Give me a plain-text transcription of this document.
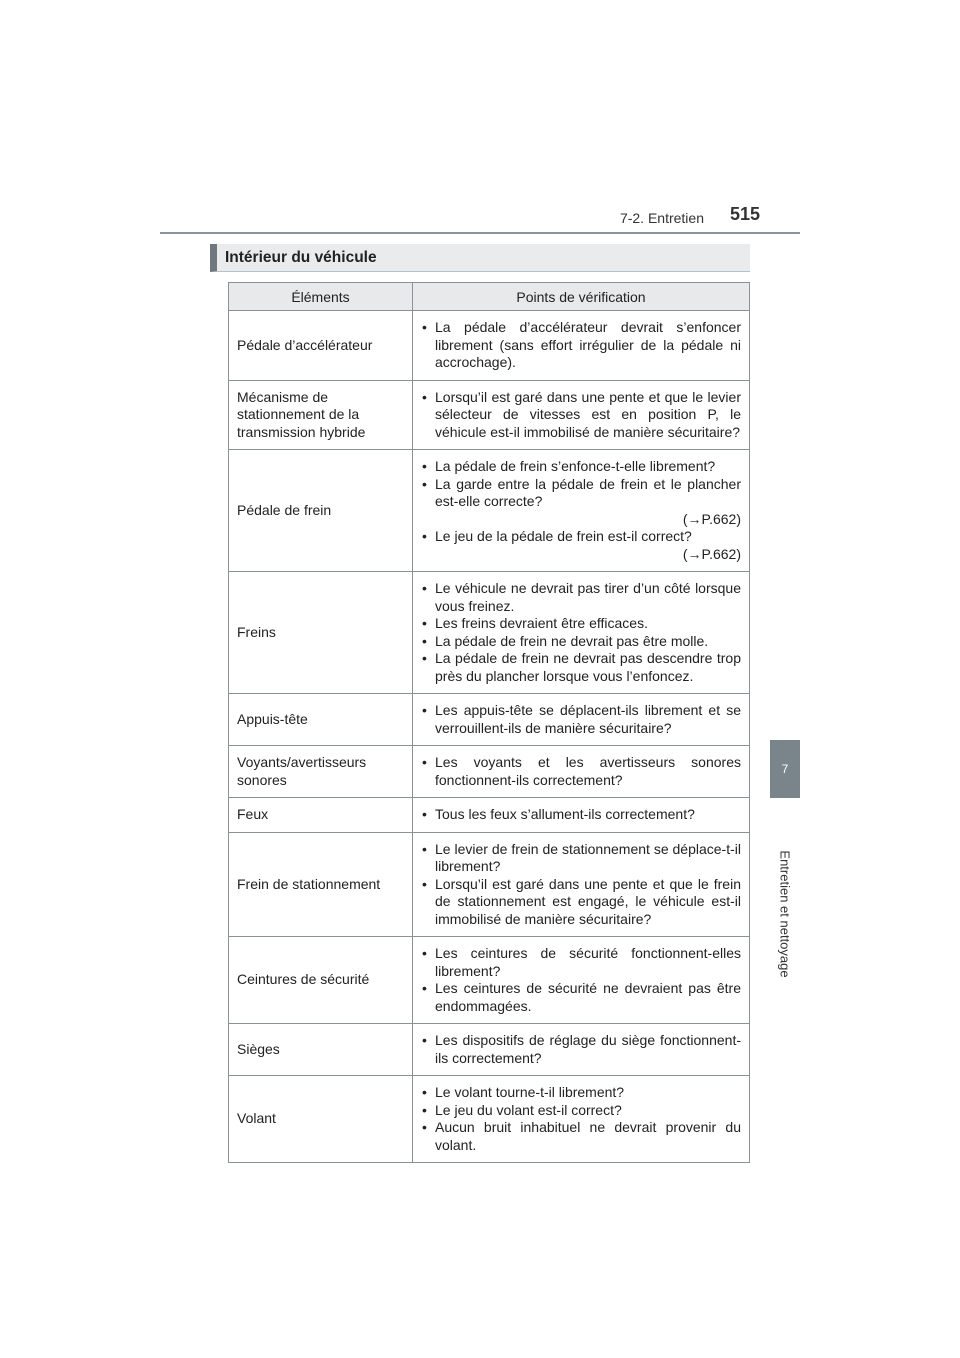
7-2. Entretien 515
7
Entretien et nettoyage
Intérieur du véhicule
Éléments	Points de vérification
Pédale d’accélérateur	• La pédale d’accélérateur devrait s’enfoncer librement (sans effort irrégulier de la pédale ni accrochage).

Mécanisme de stationnement de la transmission hybride	• Lorsqu’il est garé dans une pente et que le levier sélecteur de vitesses est en position P, le véhicule est-il immobilisé de manière sécuritaire?

Pédale de frein	• La pédale de frein s’enfonce-t-elle librement?
• La garde entre la pédale de frein et le plancher est-elle correcte?
(→P.662)
• Le jeu de la pédale de frein est-il correct?
(→P.662)

Freins	• Le véhicule ne devrait pas tirer d’un côté lorsque vous freinez.
• Les freins devraient être efficaces.
• La pédale de frein ne devrait pas être molle.
• La pédale de frein ne devrait pas descendre trop près du plancher lorsque vous l’enfoncez.

Appuis-tête	• Les appuis-tête se déplacent-ils librement et se verrouillent-ils de manière sécuritaire?

Voyants/avertisseurs sonores	• Les voyants et les avertisseurs sonores fonctionnent-ils correctement?

Feux	• Tous les feux s’allument-ils correctement?

Frein de stationnement	• Le levier de frein de stationnement se déplace-t-il librement?
• Lorsqu’il est garé dans une pente et que le frein de stationnement est engagé, le véhicule est-il immobilisé de manière sécuritaire?

Ceintures de sécurité	• Les ceintures de sécurité fonctionnent-elles librement?
• Les ceintures de sécurité ne devraient pas être endommagées.

Sièges	• Les dispositifs de réglage du siège fonctionnent-ils correctement?

Volant	• Le volant tourne-t-il librement?
• Le jeu du volant est-il correct?
• Aucun bruit inhabituel ne devrait provenir du volant.
